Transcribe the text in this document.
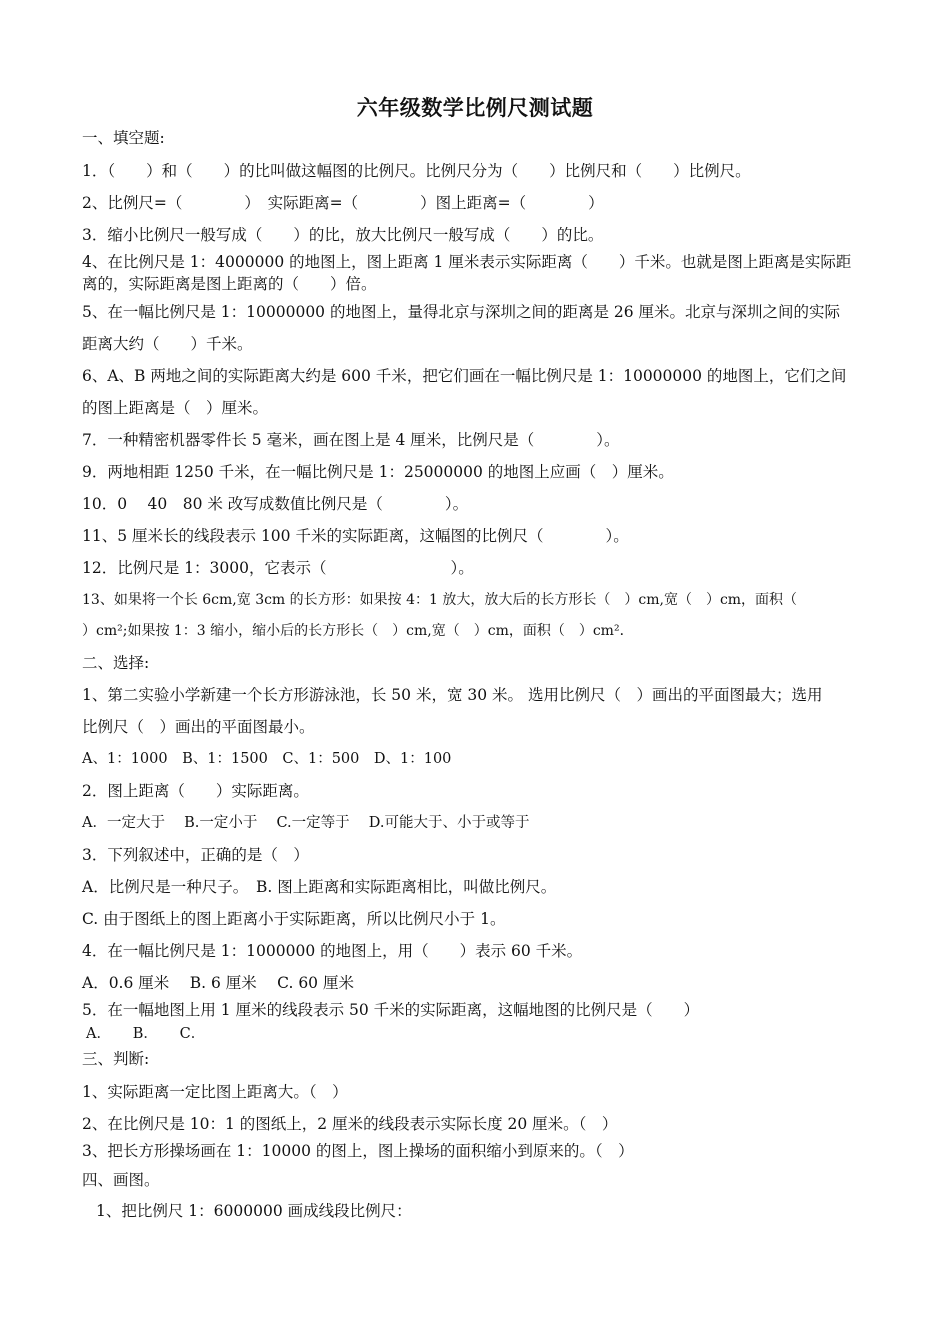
六年级数学比例尺测试题
一、填空题:
1．（　　）和（　　）的比叫做这幅图的比例尺。比例尺分为（　　）比例尺和（　　）比例尺。
2、比例尺=（　　　　）　实际距离=（　　　　）图上距离=（　　　　）
3．缩小比例尺一般写成（　　）的比，放大比例尺一般写成（　　）的比。
4、在比例尺是 1：4000000 的地图上，图上距离 1 厘米表示实际距离（　　）千米。也就是图上距离是实际距
离的，实际距离是图上距离的（　　）倍。
5、在一幅比例尺是 1：10000000 的地图上，量得北京与深圳之间的距离是 26 厘米。北京与深圳之间的实际
距离大约（　　）千米。
6、A、B 两地之间的实际距离大约是 600 千米，把它们画在一幅比例尺是 1：10000000 的地图上，它们之间
的图上距离是（　）厘米。
7．一种精密机器零件长 5 毫米，画在图上是 4 厘米，比例尺是（　　　　）。
9．两地相距 1250 千米，在一幅比例尺是 1：25000000 的地图上应画（　）厘米。
10．0　 40　80 米 改写成数值比例尺是（　　　　）。
11、5 厘米长的线段表示 100 千米的实际距离，这幅图的比例尺（　　　　）。
12．比例尺是 1：3000，它表示（　　　　　　　　）。
13、如果将一个长 6cm,宽 3cm 的长方形：如果按 4：1 放大，放大后的长方形长（　）cm,宽（　）cm，面积（
）cm²;如果按 1：3 缩小，缩小后的长方形长（　）cm,宽（　）cm，面积（　）cm²．
二、选择:
1、第二实验小学新建一个长方形游泳池，长 50 米，宽 30 米。 选用比例尺（　）画出的平面图最大；选用
比例尺（　）画出的平面图最小。
A、1：1000　B、1：1500　C、1：500　D、1：100
2．图上距离（　　）实际距离。
A．一定大于　 B.一定小于　 C.一定等于　 D.可能大于、小于或等于
3．下列叙述中，正确的是（　）
A．比例尺是一种尺子。　B. 图上距离和实际距离相比，叫做比例尺。
C. 由于图纸上的图上距离小于实际距离，所以比例尺小于 1。
4．在一幅比例尺是 1：1000000 的地图上，用（　　）表示 60 千米。
A．0.6 厘米　 B. 6 厘米　 C. 60 厘米
5．在一幅地图上用 1 厘米的线段表示 50 千米的实际距离，这幅地图的比例尺是（　　）
A．　　B．　　C．
三、判断:
1、实际距离一定比图上距离大。（　）
2、在比例尺是 10：1 的图纸上，2 厘米的线段表示实际长度 20 厘米。（　）
3、把长方形操场画在 1：10000 的图上，图上操场的面积缩小到原来的。（　）
四、画图。
1、把比例尺 1：6000000 画成线段比例尺：
